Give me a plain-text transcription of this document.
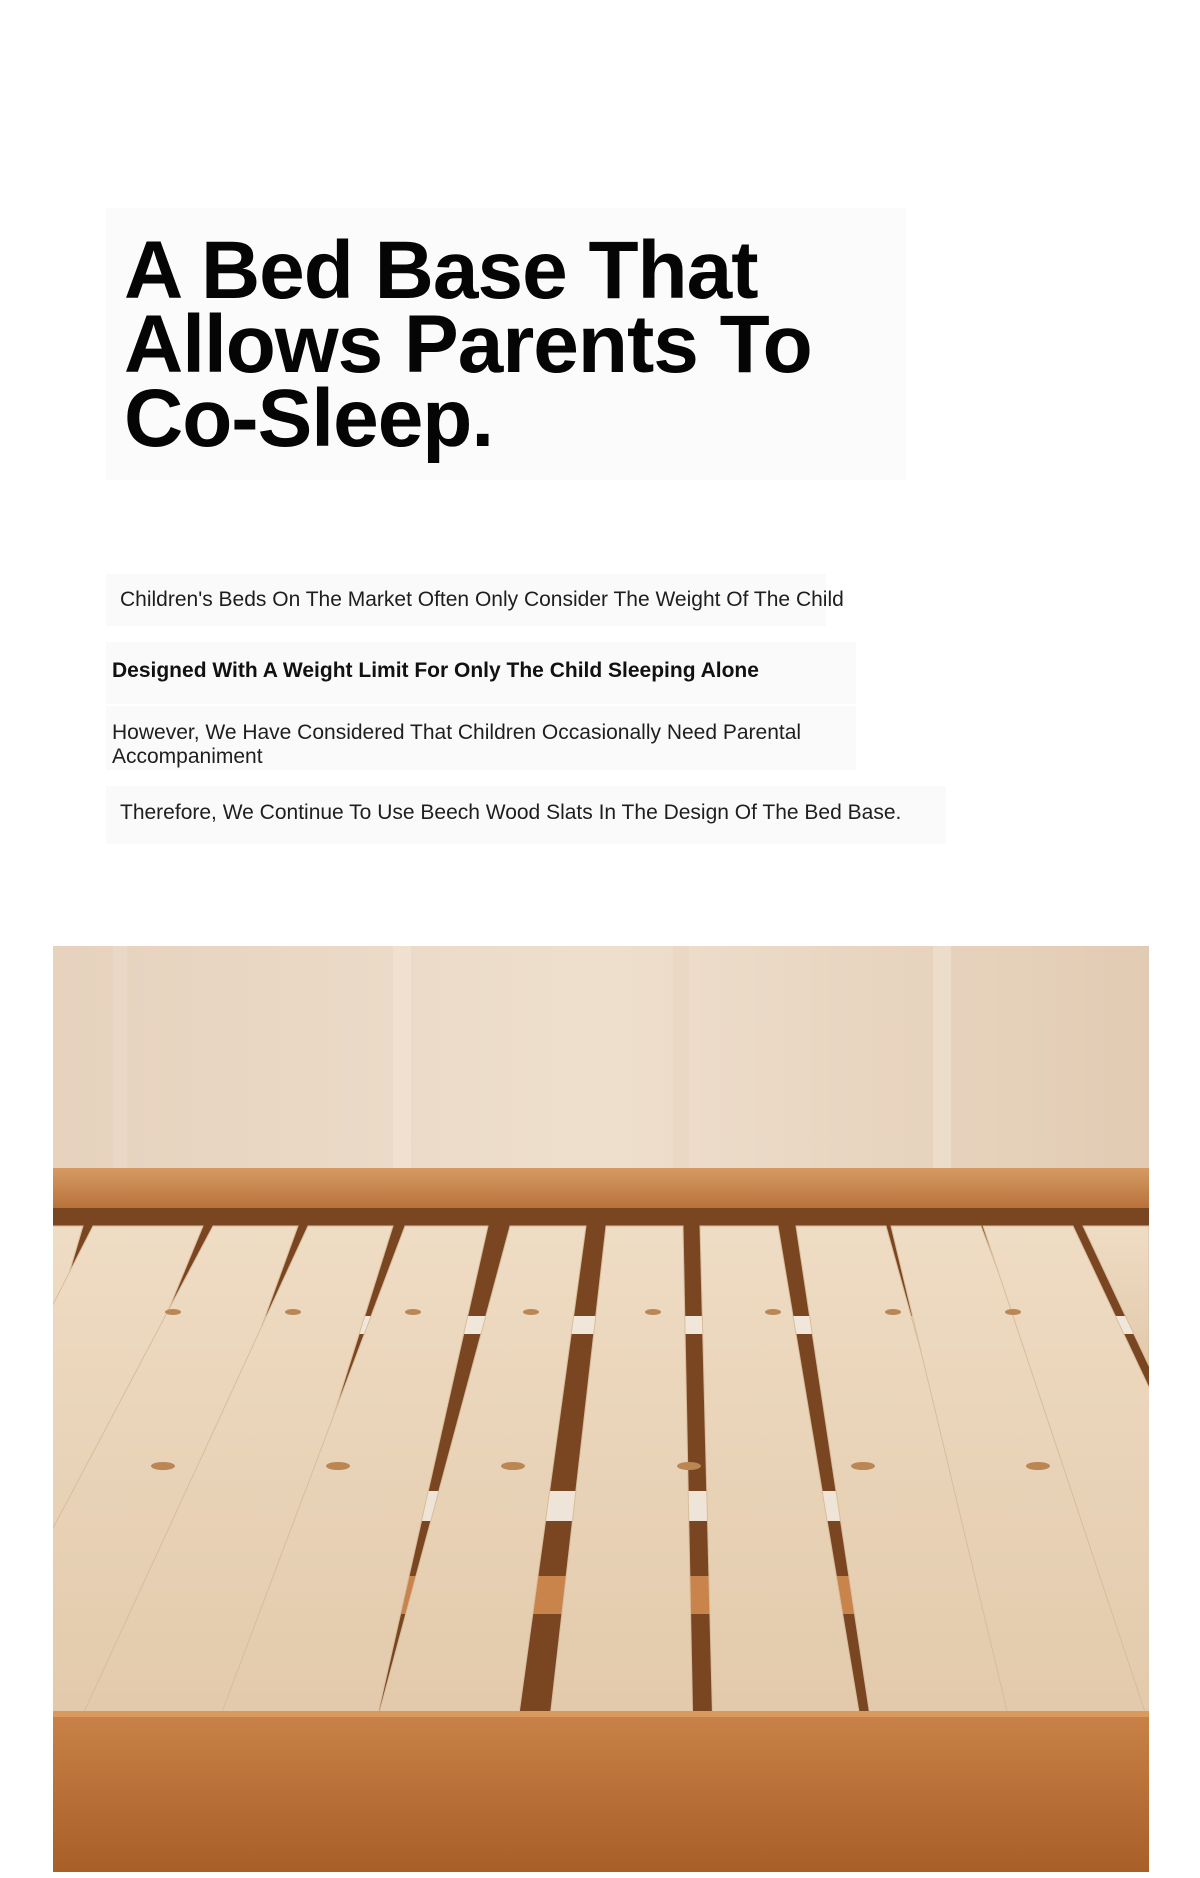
A Bed Base That
Allows Parents To
Co-Sleep.

Children's Beds On The Market Often Only Consider The Weight Of The Child

Designed With A Weight Limit For Only The Child Sleeping Alone

However, We Have Considered That Children Occasionally Need Parental Accompaniment

Therefore, We Continue To Use Beech Wood Slats In The Design Of The Bed Base.
